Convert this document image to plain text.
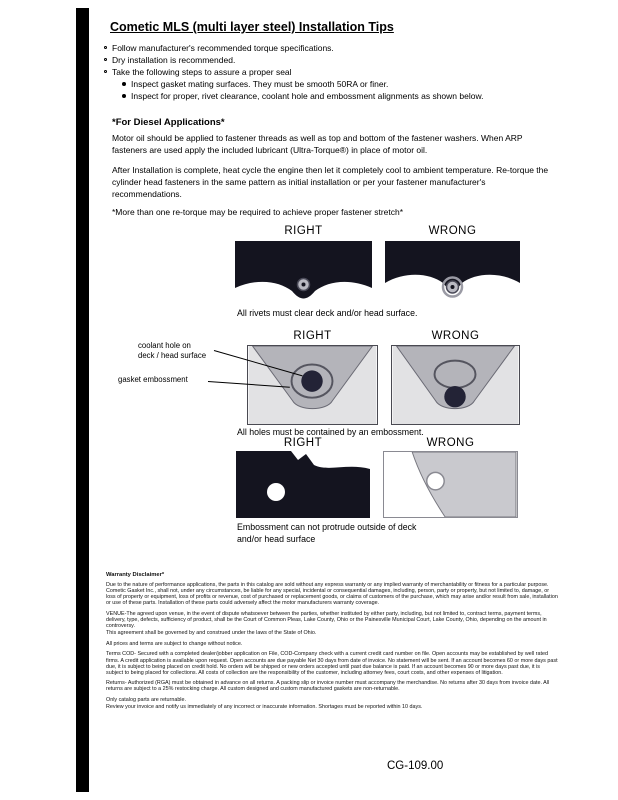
Cometic MLS (multi layer steel) Installation Tips
Follow manufacturer's recommended torque specifications.
Dry installation is recommended.
Take the following steps to assure a proper seal
Inspect gasket mating surfaces. They must be smooth 50RA or finer.
Inspect for proper, rivet clearance, coolant hole and embossment alignments as shown below.
*For Diesel Applications*

Motor oil should be applied to fastener threads as well as top and bottom of the fastener washers. When ARP fasteners are used apply the included lubricant (Ultra-Torque®) in place of motor oil.

After Installation is complete, heat cycle the engine then let it completely cool to ambient temperature. Re-torque the cylinder head fasteners in the same pattern as initial installation or per your fastener manufacturer's recommendations.

*More than one re-torque may be required to achieve proper fastener stretch*

RIGHT	WRONG
All rivets must clear deck and/or head surface.
RIGHT	WRONG
coolant hole on
deck / head surface
gasket embossment
All holes must be contained by an embossment.
RIGHT	WRONG
Embossment can not protrude outside of deck
and/or head surface
Warranty Disclaimer*

Due to the nature of performance applications, the parts in this catalog are sold without any express warranty or any implied warranty of merchantability or fitness for a particular purpose. Cometic Gasket Inc., shall not, under any circumstances, be liable for any special, incidental or consequential damages, including, person, party or property, but not limited to, damage, or loss of property or equipment, loss of profits or revenue, cost of purchased or replacement goods, or claims of customers of the purchase, which may arise and/or result from sale, installation or use of these parts. Installation of these parts could adversely affect the motor manufacturers warranty coverage.

VENUE-The agreed upon venue, in the event of dispute whatsoever between the parties, whether instituted by either party, including, but not limited to, contract terms, payment terms, delivery, type, defects, sufficiency of product, shall be the Court of Common Pleas, Lake County, Ohio or the Painesville Municipal Court, Lake County, Ohio, depending on the amount in controversy.

This agreement shall be governed by and construed under the laws of the State of Ohio.

All prices and terms are subject to change without notice.

Terms COD- Secured with a completed dealer/jobber application on File, COD-Company check with a current credit card number on file. Open accounts may be established by well rated firms. A credit application is available upon request. Open accounts are due payable Net 30 days from date of invoice. No statement will be sent. If an account becomes 60 or more days past due, it is subject to being placed on credit hold. No orders will be shipped or new orders accepted until past due balance is paid. If an account becomes 90 or more days past due, it is subject to being placed for collections. All costs of collection are the responsibility of the customer, including attorney fees, court costs, and other expenses of litigation.

Returns- Authorized (RGA) must be obtained in advance on all returns. A packing slip or invoice number must accompany the merchandise. No returns after 30 days from invoice date. All returns are subject to a 25% restocking charge. All custom designed and custom manufactured gaskets are non-returnable.

Only catalog parts are returnable.

Review your invoice and notify us immediately of any incorrect or inaccurate information. Shortages must be reported within 10 days.

CG-109.00
